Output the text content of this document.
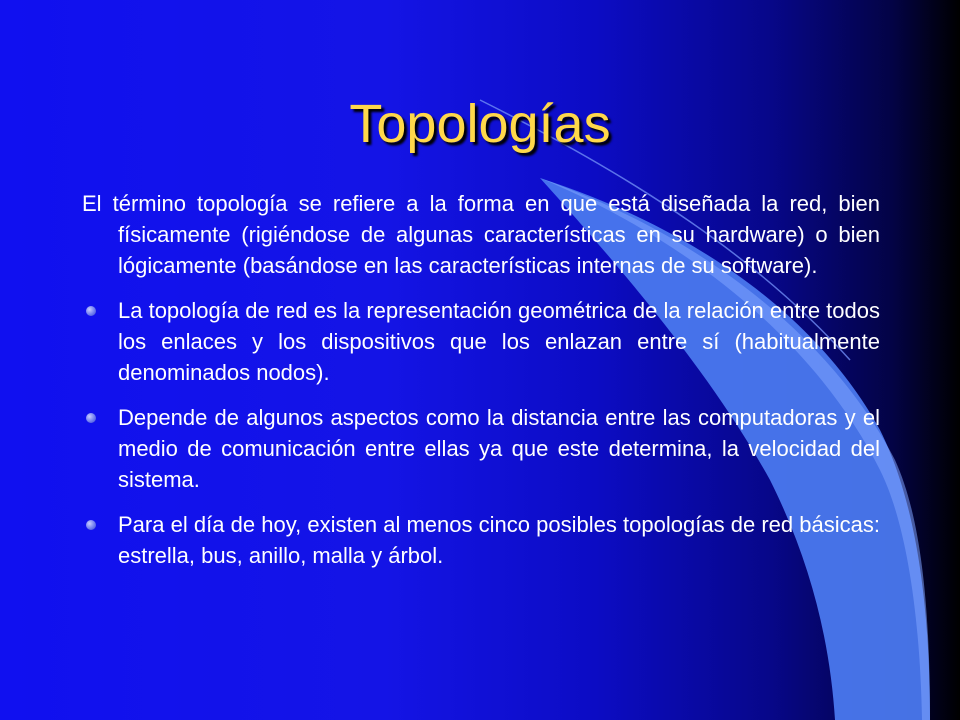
Topologías

El término topología se refiere a la forma en que está diseñada la red, bien físicamente (rigiéndose de algunas características en su hardware) o bien lógicamente (basándose en las características internas de su software).

La topología de red es la representación geométrica de la relación entre todos los enlaces y los dispositivos que los enlazan entre sí (habitualmente denominados nodos).
Depende de algunos aspectos como la distancia entre las computadoras y el medio de comunicación entre ellas ya que este determina, la velocidad del sistema.
Para el día de hoy, existen al menos cinco posibles topologías de red básicas: estrella, bus, anillo, malla y árbol.
